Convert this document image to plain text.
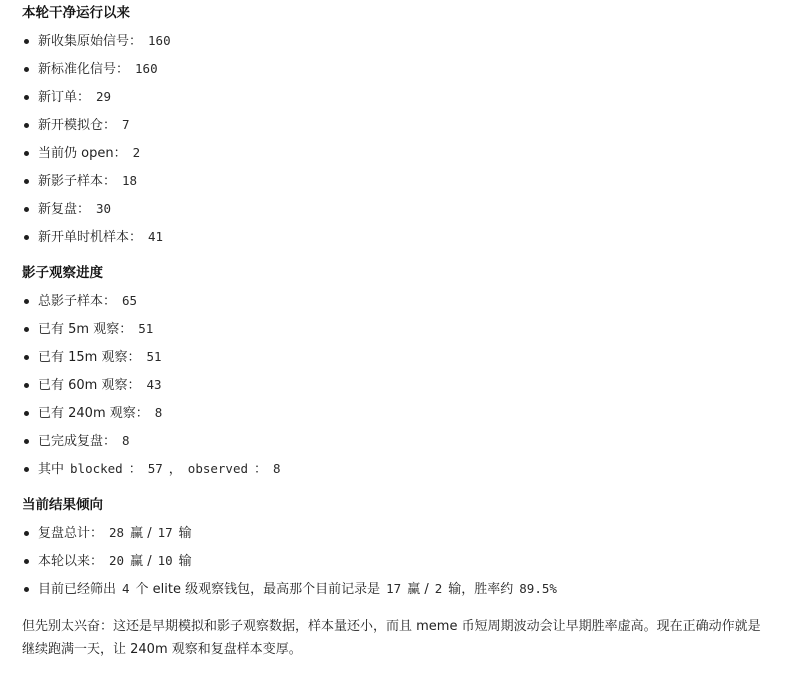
本轮干净运行以来
新收集原始信号： 160
新标准化信号： 160
新订单： 29
新开模拟仓： 7
当前仍 open： 2
新影子样本： 18
新复盘： 30
新开单时机样本： 41
影子观察进度
总影子样本： 65
已有 5m 观察： 51
已有 15m 观察： 51
已有 60m 观察： 43
已有 240m 观察： 8
已完成复盘： 8
其中 blocked ： 57 ， observed ： 8
当前结果倾向
复盘总计： 28 赢 / 17 输
本轮以来： 20 赢 / 10 输
目前已经筛出 4 个 elite 级观察钱包，最高那个目前记录是 17 赢 / 2 输，胜率约 89.5%
但先别太兴奋：这还是早期模拟和影子观察数据，样本量还小，而且 meme 币短周期波动会让早期胜率虚高。现在正确动作就是继续跑满一天，让 240m 观察和复盘样本变厚。
